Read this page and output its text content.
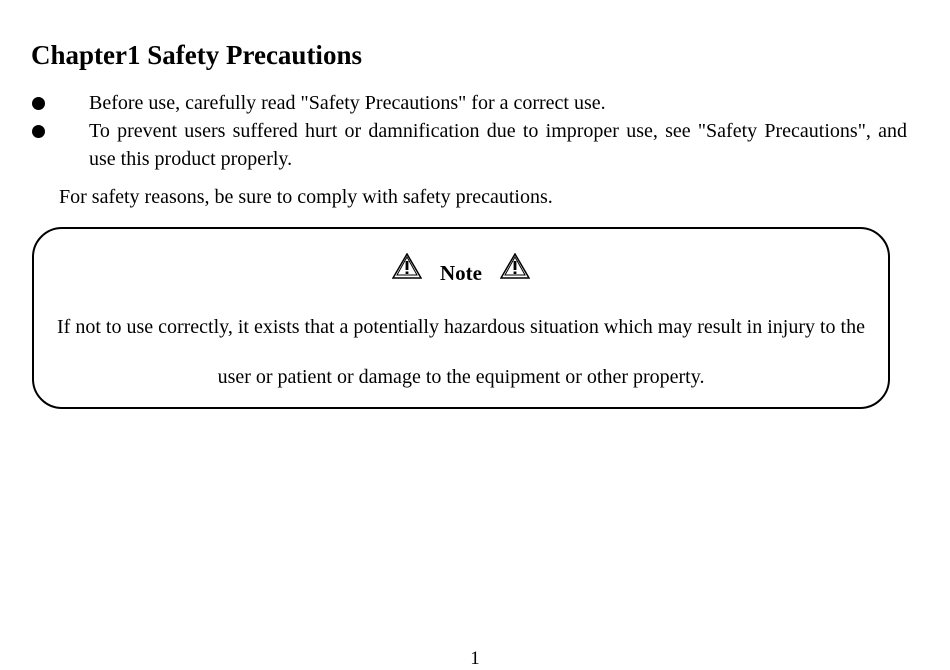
Chapter1 Safety Precautions
Before use, carefully read "Safety Precautions" for a correct use.
To prevent users suffered hurt or damnification due to improper use, see "Safety Precautions", and use this product properly.

For safety reasons, be sure to comply with safety precautions.

Note

If not to use correctly, it exists that a potentially hazardous situation which may result in injury to the user or patient or damage to the equipment or other property.

1
